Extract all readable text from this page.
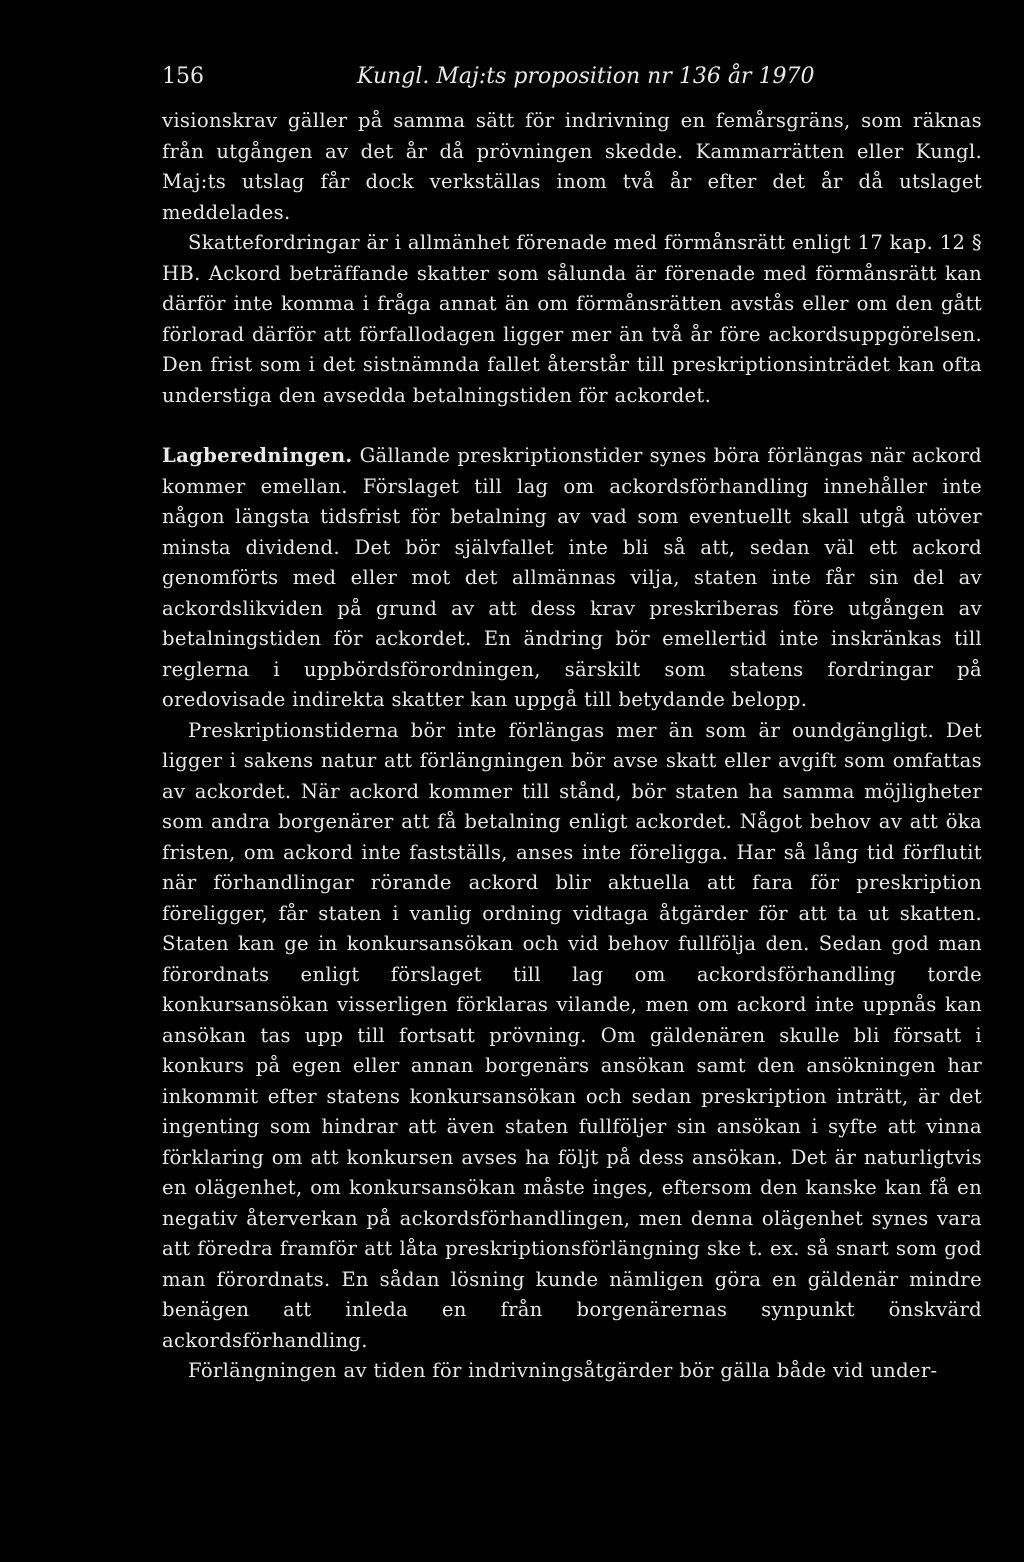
156	Kungl. Maj:ts proposition nr 136 år 1970

visionskrav gäller på samma sätt för indrivning en femårsgräns, som räknas från utgången av det år då prövningen skedde. Kammarrätten eller Kungl. Maj:ts utslag får dock verkställas inom två år efter det år då utslaget meddelades.

Skattefordringar är i allmänhet förenade med förmånsrätt enligt 17 kap. 12 § HB. Ackord beträffande skatter som sålunda är förenade med förmånsrätt kan därför inte komma i fråga annat än om förmånsrätten avstås eller om den gått förlorad därför att förfallodagen ligger mer än två år före ackordsuppgörelsen. Den frist som i det sistnämnda fallet återstår till preskriptionsinträdet kan ofta understiga den avsedda betalningstiden för ackordet.

Lagberedningen. Gällande preskriptionstider synes böra förlängas när ackord kommer emellan. Förslaget till lag om ackordsförhandling innehåller inte någon längsta tidsfrist för betalning av vad som eventuellt skall utgå utöver minsta dividend. Det bör självfallet inte bli så att, sedan väl ett ackord genomförts med eller mot det allmännas vilja, staten inte får sin del av ackordslikviden på grund av att dess krav preskriberas före utgången av betalningstiden för ackordet. En ändring bör emellertid inte inskränkas till reglerna i uppbördsförordningen, särskilt som statens fordringar på oredovisade indirekta skatter kan uppgå till betydande belopp.

Preskriptionstiderna bör inte förlängas mer än som är oundgängligt. Det ligger i sakens natur att förlängningen bör avse skatt eller avgift som omfattas av ackordet. När ackord kommer till stånd, bör staten ha samma möjligheter som andra borgenärer att få betalning enligt ackordet. Något behov av att öka fristen, om ackord inte fastställs, anses inte föreligga. Har så lång tid förflutit när förhandlingar rörande ackord blir aktuella att fara för preskription föreligger, får staten i vanlig ordning vidtaga åtgärder för att ta ut skatten. Staten kan ge in konkursansökan och vid behov fullfölja den. Sedan god man förordnats enligt förslaget till lag om ackordsförhandling torde konkursansökan visserligen förklaras vilande, men om ackord inte uppnås kan ansökan tas upp till fortsatt prövning. Om gäldenären skulle bli försatt i konkurs på egen eller annan borgenärs ansökan samt den ansökningen har inkommit efter statens konkursansökan och sedan preskription inträtt, är det ingenting som hindrar att även staten fullföljer sin ansökan i syfte att vinna förklaring om att konkursen avses ha följt på dess ansökan. Det är naturligtvis en olägenhet, om konkursansökan måste inges, eftersom den kanske kan få en negativ återverkan på ackordsförhandlingen, men denna olägenhet synes vara att föredra framför att låta preskriptionsförlängning ske t. ex. så snart som god man förordnats. En sådan lösning kunde nämligen göra en gäldenär mindre benägen att inleda en från borgenärernas synpunkt önskvärd ackordsförhandling.

Förlängningen av tiden för indrivningsåtgärder bör gälla både vid under-
